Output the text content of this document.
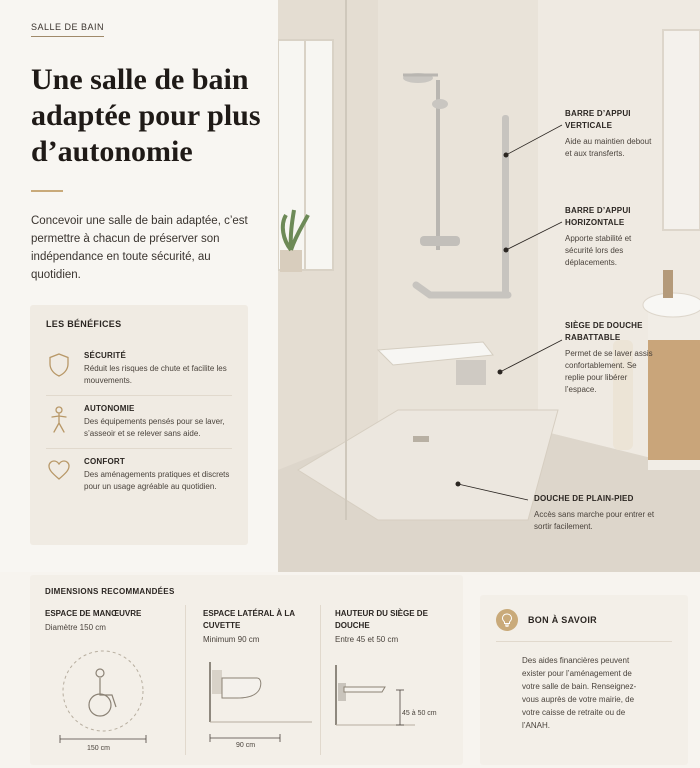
SALLE DE BAIN
Une salle de bain adaptée pour plus d’autonomie

Concevoir une salle de bain adaptée, c’est permettre à chacun de préserver son indépendance en toute sécurité, au quotidien.

LES BÉNÉFICES
SÉCURITÉ
Réduit les risques de chute et facilite les mouvements.
AUTONOMIE
Des équipements pensés pour se laver, s’asseoir et se relever sans aide.
CONFORT
Des aménagements pratiques et discrets pour un usage agréable au quotidien.
BARRE D’APPUI VERTICALE
Aide au maintien debout et aux transferts.
BARRE D’APPUI HORIZONTALE
Apporte stabilité et sécurité lors des déplacements.
SIÈGE DE DOUCHE RABATTABLE
Permet de se laver assis confortablement. Se replie pour libérer l’espace.
DOUCHE DE PLAIN-PIED
Accès sans marche pour entrer et sortir facilement.
DIMENSIONS RECOMMANDÉES
ESPACE DE MANŒUVRE
Diamètre 150 cm
150 cm
ESPACE LATÉRAL À LA CUVETTE
Minimum 90 cm
90 cm
HAUTEUR DU SIÈGE DE DOUCHE
Entre 45 et 50 cm
45 à 50 cm
BON À SAVOIR
Des aides financières peuvent exister pour l’aménagement de votre salle de bain. Renseignez-vous auprès de votre mairie, de votre caisse de retraite ou de l’ANAH.
